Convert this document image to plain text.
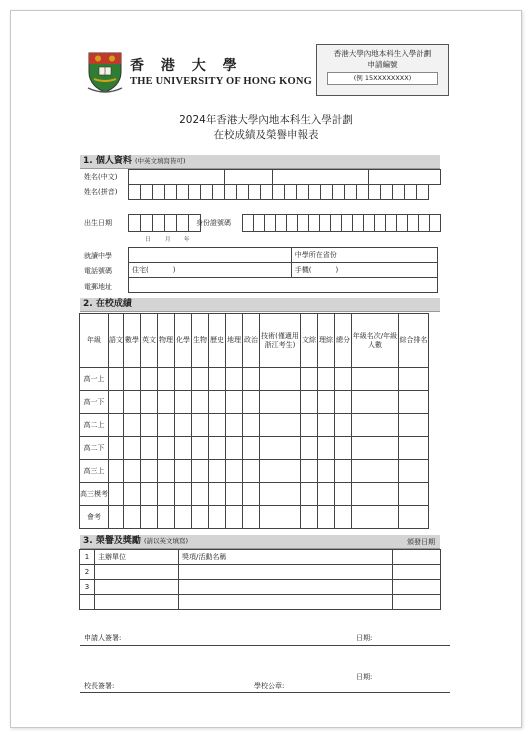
香 港 大 學
THE UNIVERSITY OF HONG KONG
香港大學內地本科生入學計劃
申請編號
(例 15XXXXXXXX)
2024年香港大學內地本科生入學計劃
在校成績及榮譽申報表
1. 個人資料 (中英文填寫皆可)
姓名(中文)
姓名(拼音)
出生日期
日	月 年
身份證號碼
就讀中學
電話號碼
電郵地址
	中學所在省份
住宅( )	手機( )

2. 在校成績
年級	語文	數學	英文	物理	化學	生物	歷史	地理	政治	技術(僅適用浙江考生)	文綜	理綜	總分	年級名次/年級人數	綜合排名
高一上															
高一下															
高二上															
高二下															
高三上															
高三模考															
會考															
3. 榮譽及獎勵 (請以英文填寫)	頒發日期
1	主辦單位	獎項/活動名稱	
2			
3			

申請人簽署:	日期:
校長簽署:	學校公章:
日期:
